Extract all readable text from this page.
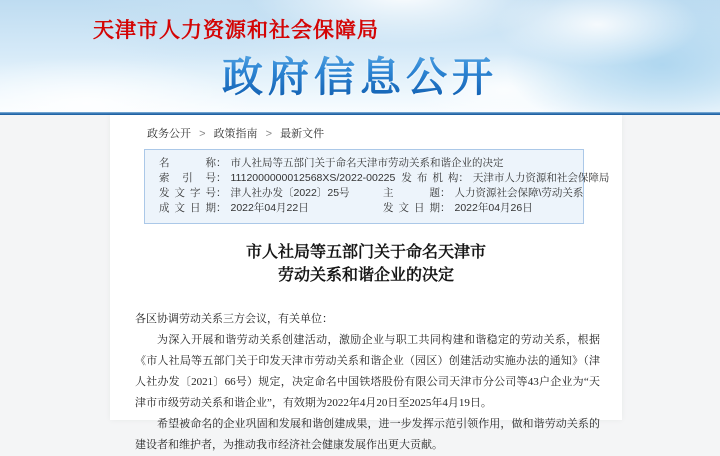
天津市人力资源和社会保障局
政府信息公开
政务公开 > 政策指南 > 最新文件
名称 ： 市人社局等五部门关于命名天津市劳动关系和谐企业的决定
索引号 ： 1112000000012568XS/2022-00225 发布机构 ： 天津市人力资源和社会保障局
发文字号 ： 津人社办发〔2022〕25号	主题 ： 人力资源社会保障\劳动关系
成文日期 ： 2022年04月22日	发文日期 ： 2022年04月26日
市人社局等五部门关于命名天津市
劳动关系和谐企业的决定

各区协调劳动关系三方会议，有关单位：

为深入开展和谐劳动关系创建活动，激励企业与职工共同构建和谐稳定的劳动关系，根据《市人社局等五部门关于印发天津市劳动关系和谐企业（园区）创建活动实施办法的通知》（津人社办发〔2021〕66号）规定，决定命名中国铁塔股份有限公司天津市分公司等43户企业为“天津市市级劳动关系和谐企业”，有效期为2022年4月20日至2025年4月19日。

希望被命名的企业巩固和发展和谐创建成果，进一步发挥示范引领作用，做和谐劳动关系的建设者和维护者，为推动我市经济社会健康发展作出更大贡献。
